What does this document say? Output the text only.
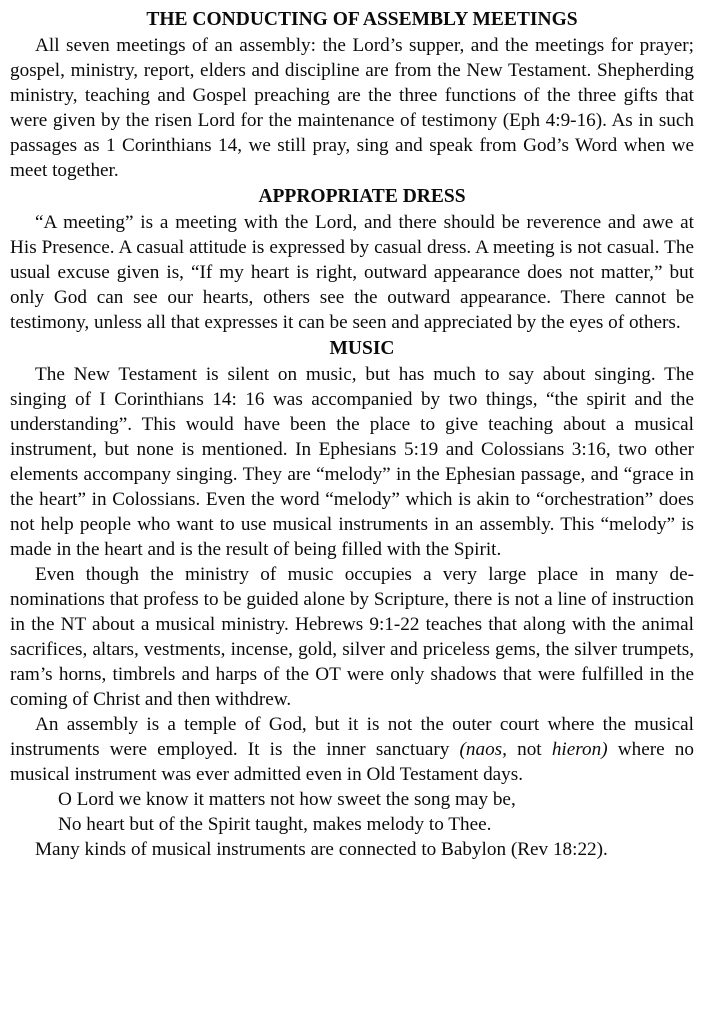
THE CONDUCTING OF ASSEMBLY MEETINGS

All seven meetings of an assembly: the Lord’s supper, and the meetings for prayer; gospel, ministry, report, elders and discipline are from the New Testament. Shepherding ministry, teaching and Gospel preaching are the three functions of the three gifts that were given by the risen Lord for the maintenance of testimony (Eph 4:9-16). As in such passages as 1 Corinthians 14, we still pray, sing and speak from God’s Word when we meet together.

APPROPRIATE DRESS

“A meeting” is a meeting with the Lord, and there should be reverence and awe at His Presence. A casual attitude is expressed by casual dress. A meeting is not casual. The usual excuse given is, “If my heart is right, outward appearance does not matter,” but only God can see our hearts, others see the outward appearance. There cannot be testimony, unless all that expresses it can be seen and appreciated by the eyes of others.

MUSIC

The New Testament is silent on music, but has much to say about singing. The singing of I Corinthians 14: 16 was accompanied by two things, “the spirit and the understanding”. This would have been the place to give teaching about a musical instrument, but none is mentioned. In Ephesians 5:19 and Colossians 3:16, two other elements accompany singing. They are “melody” in the Ephesian passage, and “grace in the heart” in Colossians. Even the word “melody” which is akin to “orchestration” does not help people who want to use musical instruments in an assembly. This “melody” is made in the heart and is the result of being filled with the Spirit.

Even though the ministry of music occupies a very large place in many denominations that profess to be guided alone by Scripture, there is not a line of instruction in the NT about a musical ministry. Hebrews 9:1-22 teaches that along with the animal sacrifices, altars, vestments, incense, gold, silver and priceless gems, the silver trumpets, ram’s horns, timbrels and harps of the OT were only shadows that were fulfilled in the coming of Christ and then withdrew.

An assembly is a temple of God, but it is not the outer court where the musical instruments were employed. It is the inner sanctuary (naos, not hieron) where no musical instrument was ever admitted even in Old Testament days.

O Lord we know it matters not how sweet the song may be,
No heart but of the Spirit taught, makes melody to Thee.

Many kinds of musical instruments are connected to Babylon (Rev 18:22).
